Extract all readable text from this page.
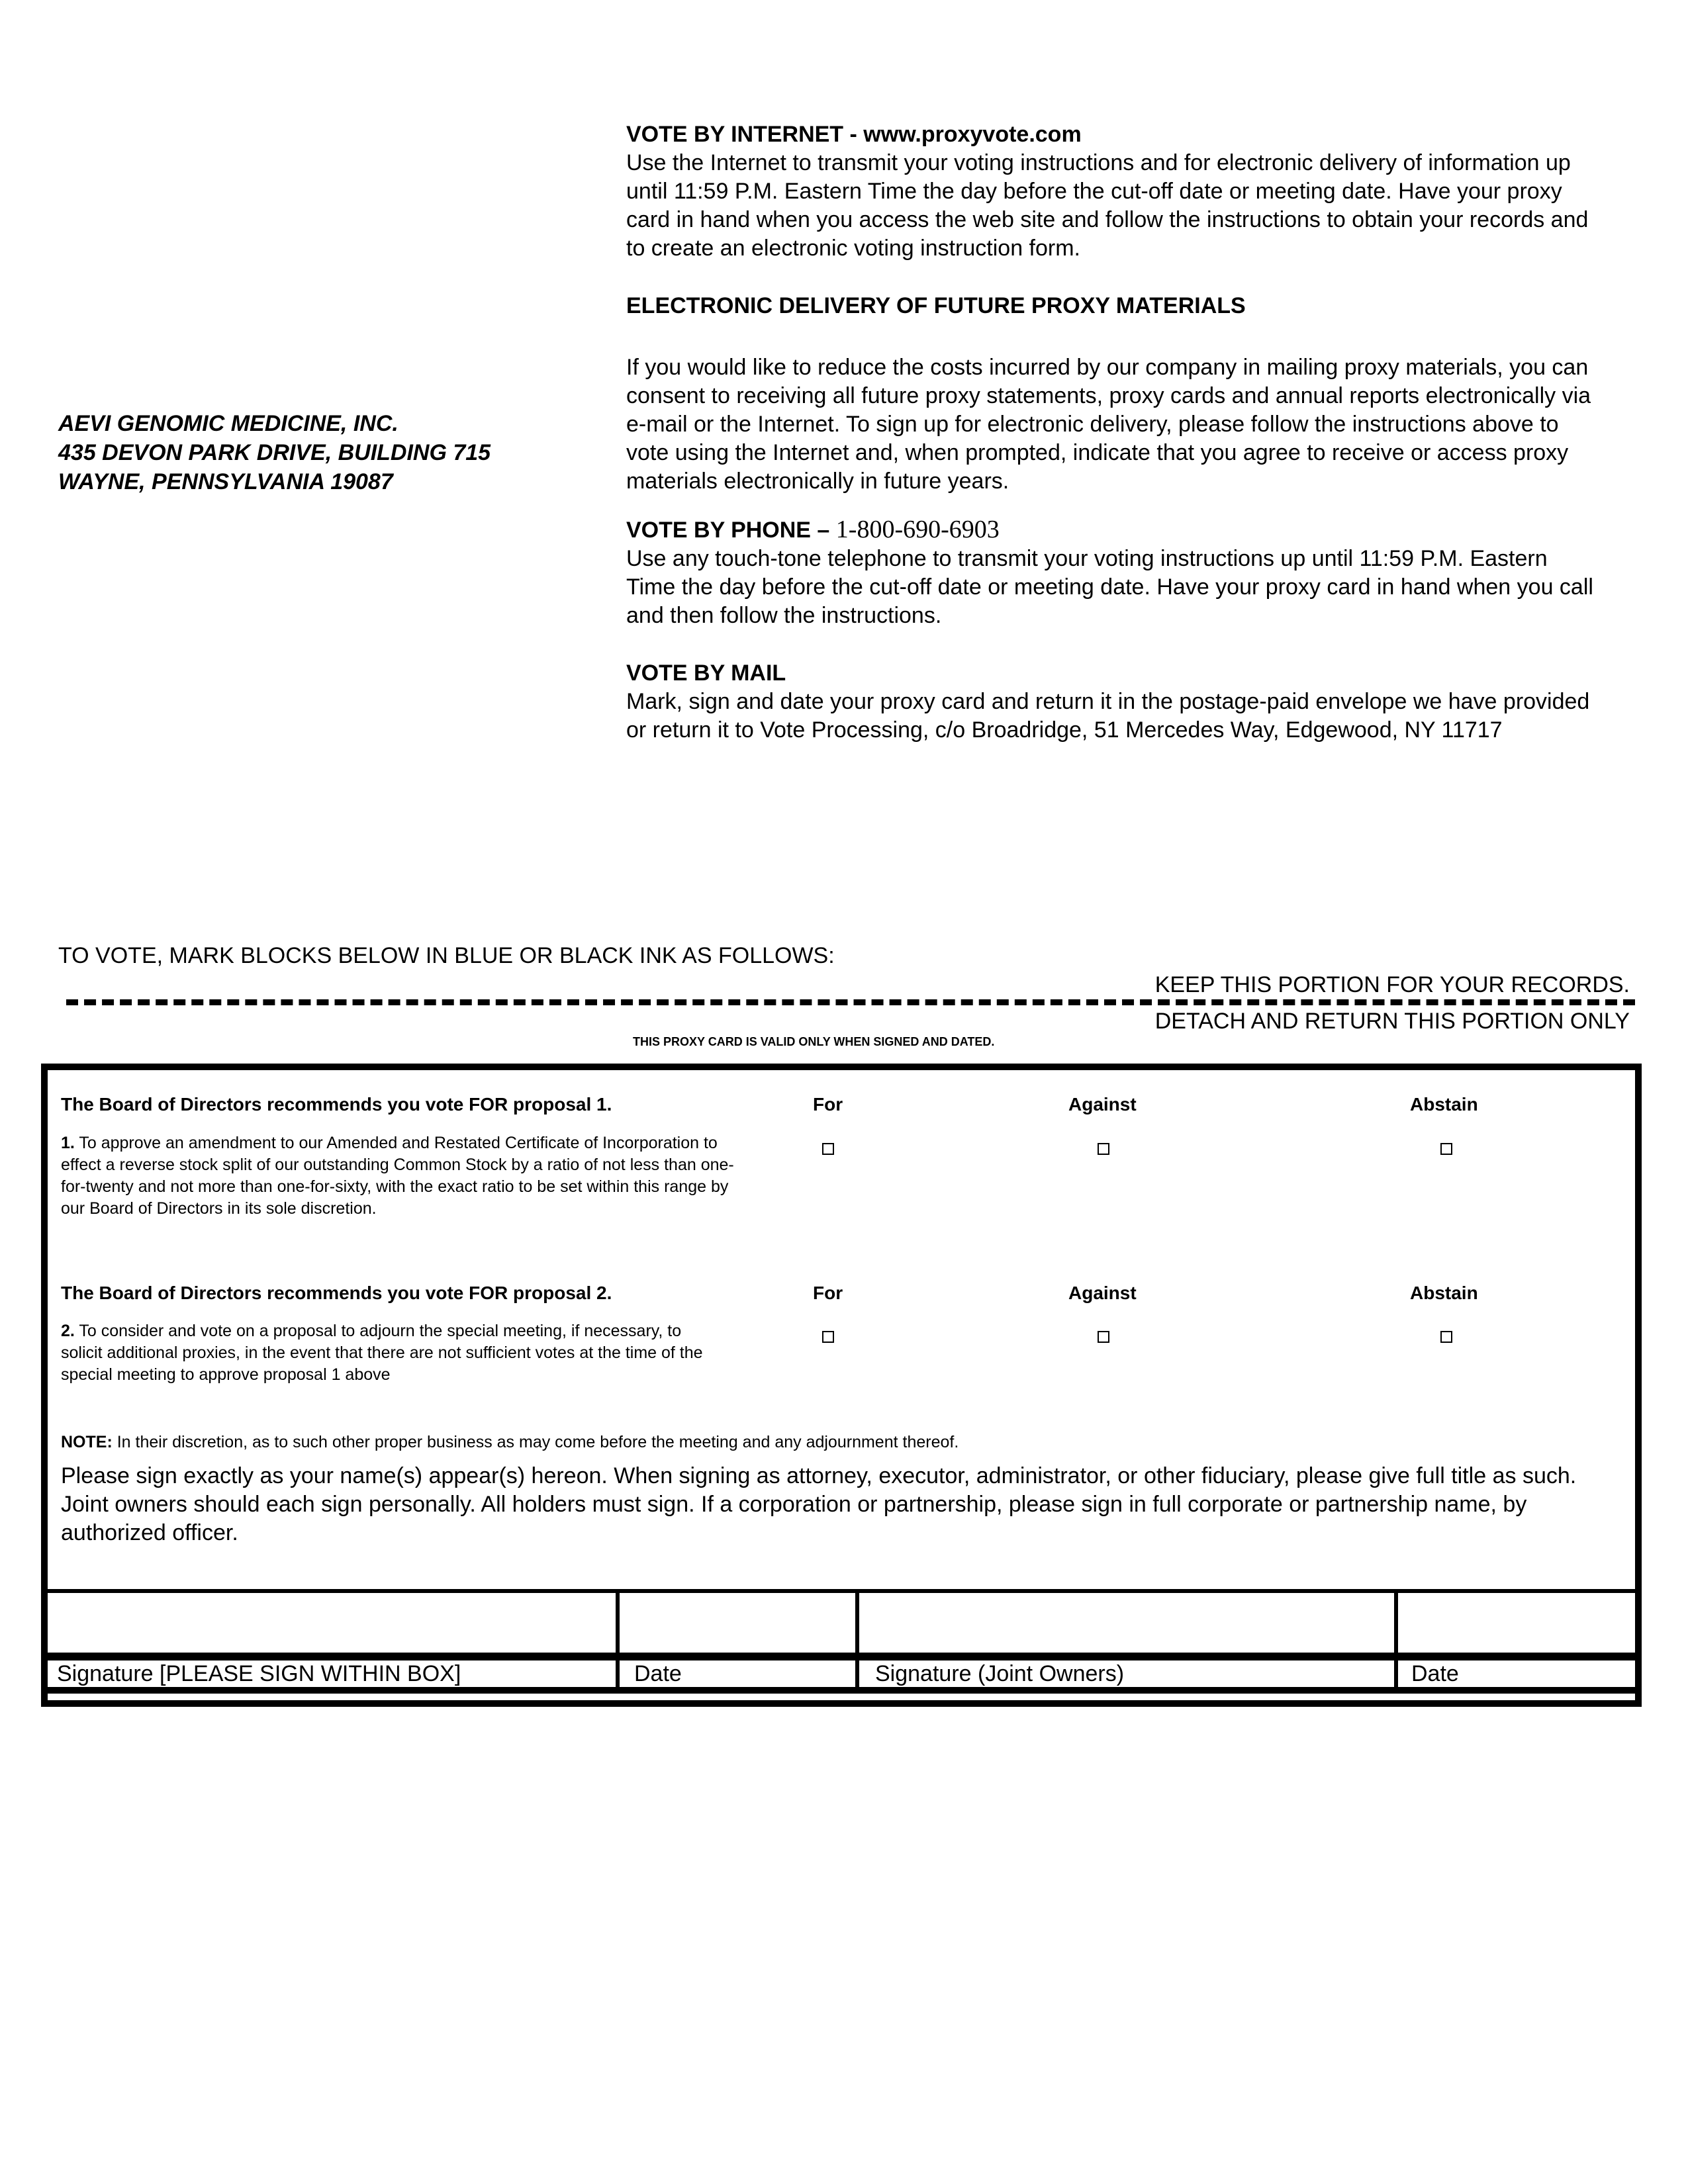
AEVI GENOMIC MEDICINE, INC.
435 DEVON PARK DRIVE, BUILDING 715
WAYNE, PENNSYLVANIA 19087

VOTE BY INTERNET - www.proxyvote.com

Use the Internet to transmit your voting instructions and for electronic delivery of information up until 11:59 P.M. Eastern Time the day before the cut-off date or meeting date. Have your proxy card in hand when you access the web site and follow the instructions to obtain your records and to create an electronic voting instruction form.

ELECTRONIC DELIVERY OF FUTURE PROXY MATERIALS

If you would like to reduce the costs incurred by our company in mailing proxy materials, you can consent to receiving all future proxy statements, proxy cards and annual reports electronically via e-mail or the Internet. To sign up for electronic delivery, please follow the instructions above to vote using the Internet and, when prompted, indicate that you agree to receive or access proxy materials electronically in future years.

VOTE BY PHONE – 1-800-690-6903

Use any touch-tone telephone to transmit your voting instructions up until 11:59 P.M. Eastern Time the day before the cut-off date or meeting date. Have your proxy card in hand when you call and then follow the instructions.

VOTE BY MAIL

Mark, sign and date your proxy card and return it in the postage-paid envelope we have provided or return it to Vote Processing, c/o Broadridge, 51 Mercedes Way, Edgewood, NY 11717

TO VOTE, MARK BLOCKS BELOW IN BLUE OR BLACK INK AS FOLLOWS:
KEEP THIS PORTION FOR YOUR RECORDS.
DETACH AND RETURN THIS PORTION ONLY
THIS PROXY CARD IS VALID ONLY WHEN SIGNED AND DATED.
The Board of Directors recommends you vote FOR proposal 1.	For	Against	Abstain
1. To approve an amendment to our Amended and Restated Certificate of Incorporation to effect a reverse stock split of our outstanding Common Stock by a ratio of not less than one-for-twenty and not more than one-for-sixty, with the exact ratio to be set within this range by our Board of Directors in its sole discretion.
The Board of Directors recommends you vote FOR proposal 2.	For	Against	Abstain
2. To consider and vote on a proposal to adjourn the special meeting, if necessary, to solicit additional proxies, in the event that there are not sufficient votes at the time of the special meeting to approve proposal 1 above
NOTE: In their discretion, as to such other proper business as may come before the meeting and any adjournment thereof.
Please sign exactly as your name(s) appear(s) hereon. When signing as attorney, executor, administrator, or other fiduciary, please give full title as such. Joint owners should each sign personally. All holders must sign. If a corporation or partnership, please sign in full corporate or partnership name, by authorized officer.
Signature [PLEASE SIGN WITHIN BOX]	Date	Signature (Joint Owners)	Date
